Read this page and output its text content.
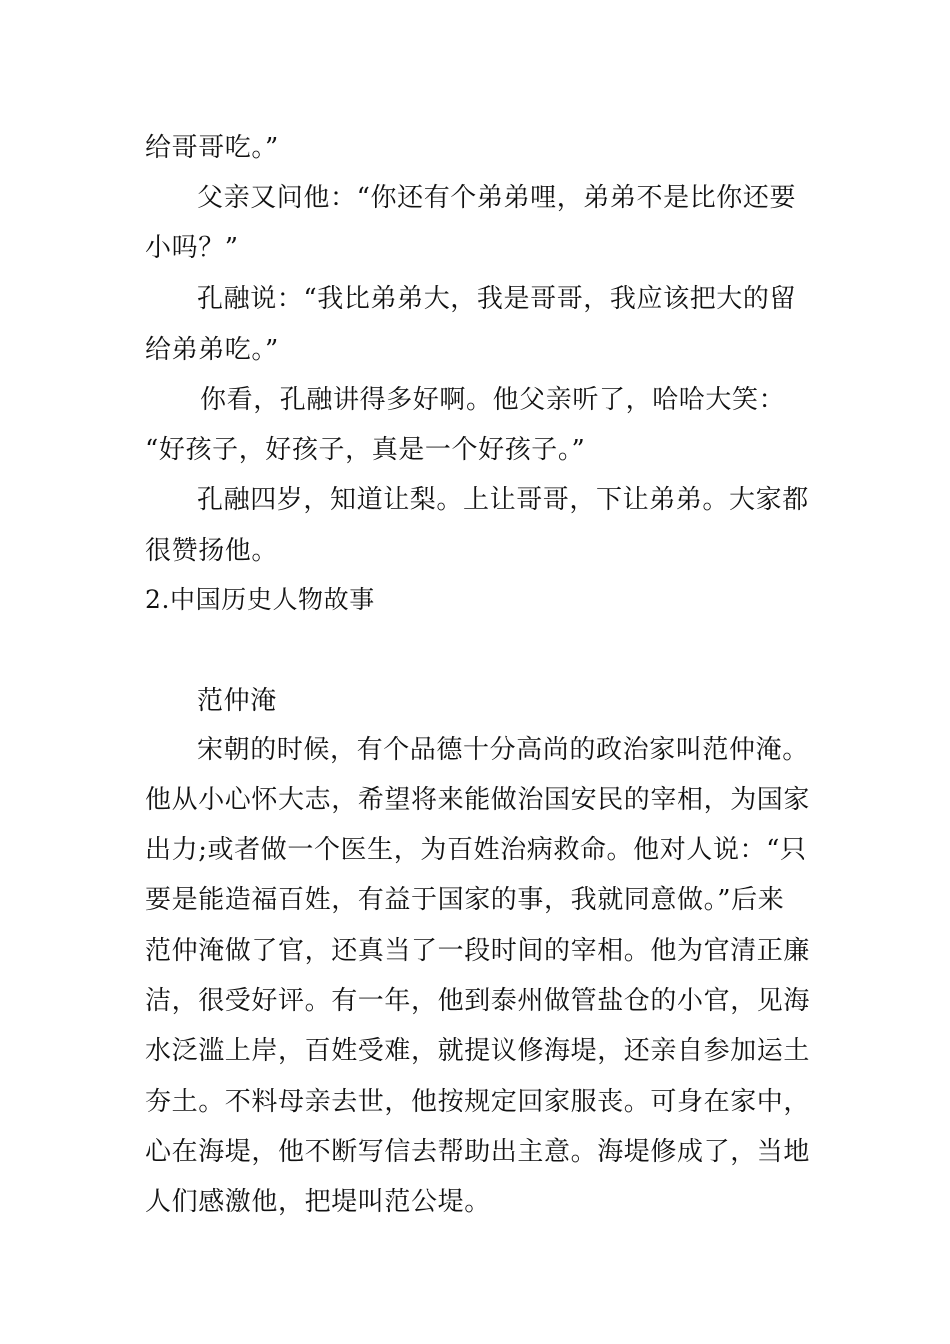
给哥哥吃。”
父亲又问他：“你还有个弟弟哩，弟弟不是比你还要
小吗？”
孔融说：“我比弟弟大，我是哥哥，我应该把大的留
给弟弟吃。”
你看，孔融讲得多好啊。他父亲听了，哈哈大笑：
“好孩子，好孩子，真是一个好孩子。”
孔融四岁，知道让梨。上让哥哥，下让弟弟。大家都
很赞扬他。
2.中国历史人物故事
范仲淹
宋朝的时候，有个品德十分高尚的政治家叫范仲淹。
他从小心怀大志，希望将来能做治国安民的宰相，为国家
出力;或者做一个医生，为百姓治病救命。他对人说：“只
要是能造福百姓，有益于国家的事，我就同意做。”后来
范仲淹做了官，还真当了一段时间的宰相。他为官清正廉
洁，很受好评。有一年，他到泰州做管盐仓的小官，见海
水泛滥上岸，百姓受难，就提议修海堤，还亲自参加运土
夯土。不料母亲去世，他按规定回家服丧。可身在家中，
心在海堤，他不断写信去帮助出主意。海堤修成了，当地
人们感激他，把堤叫范公堤。
